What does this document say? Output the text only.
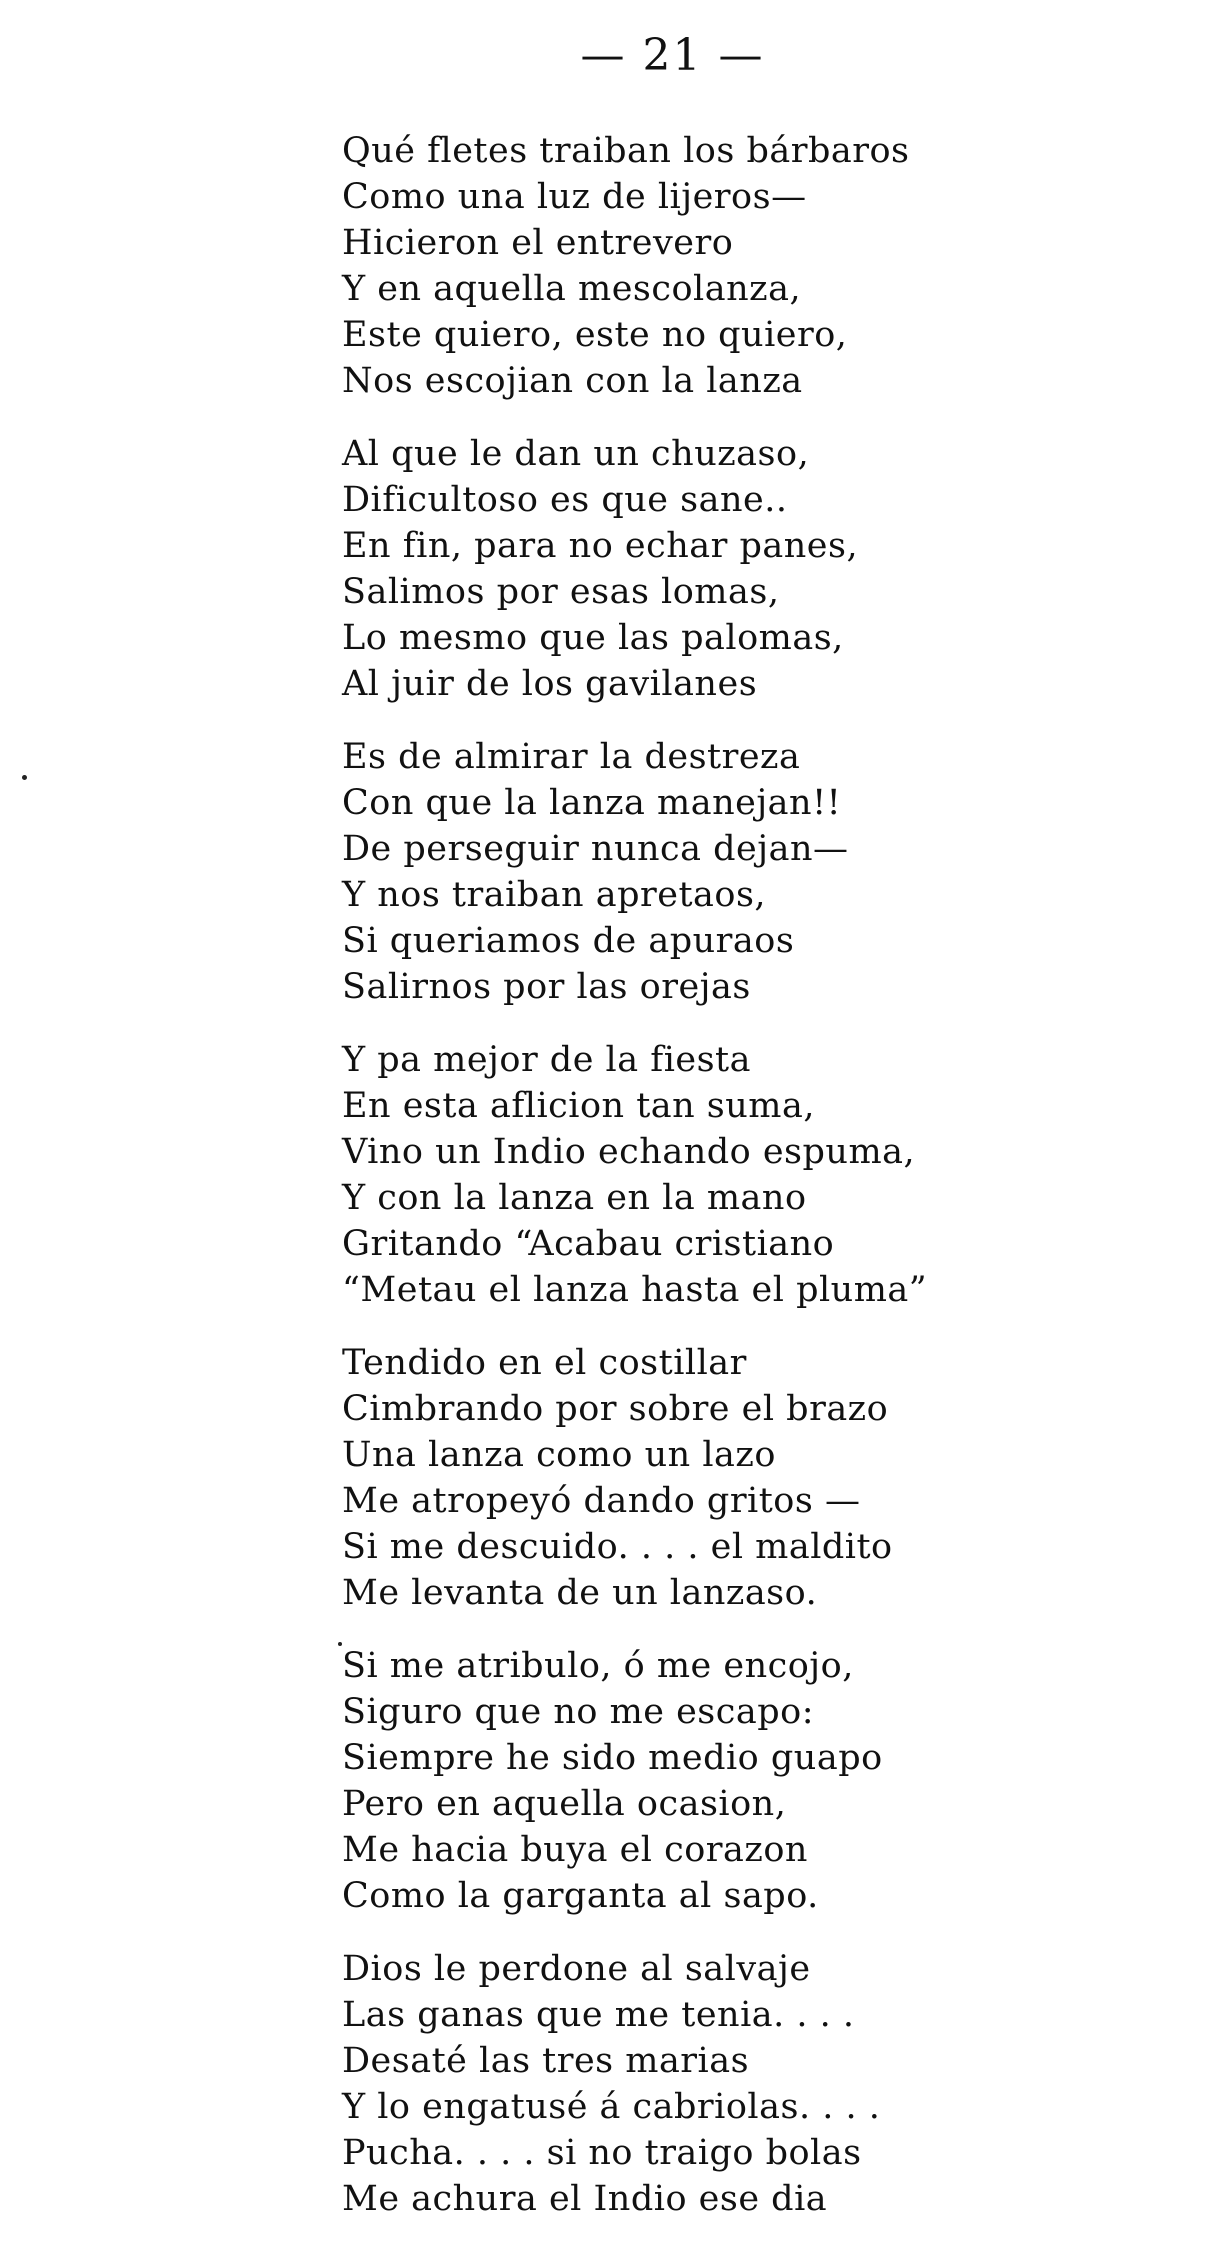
— 21 —
Qué fletes traiban los bárbaros
Como una luz de lijeros—
Hicieron el entrevero
Y en aquella mescolanza,
Este quiero, este no quiero,
Nos escojian con la lanza
Al que le dan un chuzaso,
Dificultoso es que sane..
En fin, para no echar panes,
Salimos por esas lomas,
Lo mesmo que las palomas,
Al juir de los gavilanes
Es de almirar la destreza
Con que la lanza manejan!!
De perseguir nunca dejan—
Y nos traiban apretaos,
Si queriamos de apuraos
Salirnos por las orejas
Y pa mejor de la fiesta
En esta aflicion tan suma,
Vino un Indio echando espuma,
Y con la lanza en la mano
Gritando “Acabau cristiano
“Metau el lanza hasta el pluma”
Tendido en el costillar
Cimbrando por sobre el brazo
Una lanza como un lazo
Me atropeyó dando gritos —
Si me descuido. . . . el maldito
Me levanta de un lanzaso.
Si me atribulo, ó me encojo,
Siguro que no me escapo:
Siempre he sido medio guapo
Pero en aquella ocasion,
Me hacia buya el corazon
Como la garganta al sapo.
Dios le perdone al salvaje
Las ganas que me tenia. . . .
Desaté las tres marias
Y lo engatusé á cabriolas. . . .
Pucha. . . . si no traigo bolas
Me achura el Indio ese dia
